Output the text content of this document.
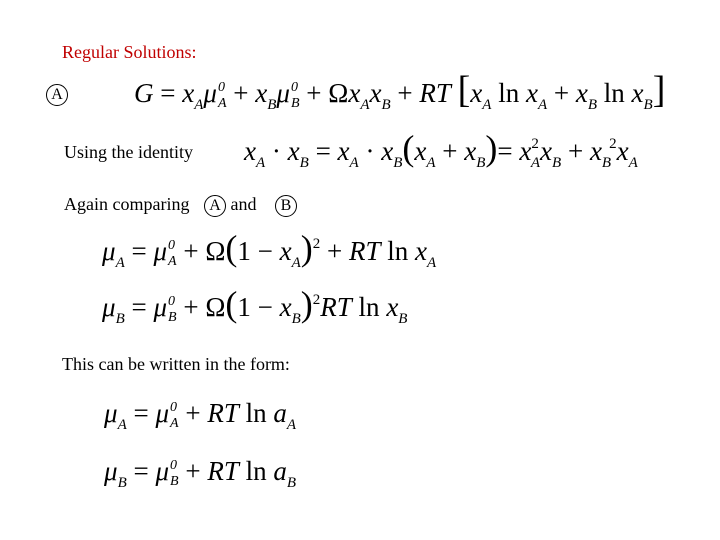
Regular Solutions:
A	$G = x_A\mu$ 0
$A + x_B\mu$ 0
$B + \Omega x_Ax_B$ + RT [$x_A$ $\ln x_A + x_B$ $\ln x_B$]
Using the identity $x_A \cdot x_B = x_A \cdot x_B(x_A + x_B)= x^2_Ax_B + x_B^2x_A$
Again comparing A and B
$\mu_A = \mu$ 0
$A + \Omega(1 - x_A)^2$ + RT $\ln x_A$
$\mu_B = \mu$ 0
$B + \Omega(1 - x_B)^2RT$ $\ln x_B$
This can be written in the form:
$\mu_A = \mu$ 0
A + RT $\ln a_A$
$\mu_B = \mu$ 0
B + RT $\ln a_B$
